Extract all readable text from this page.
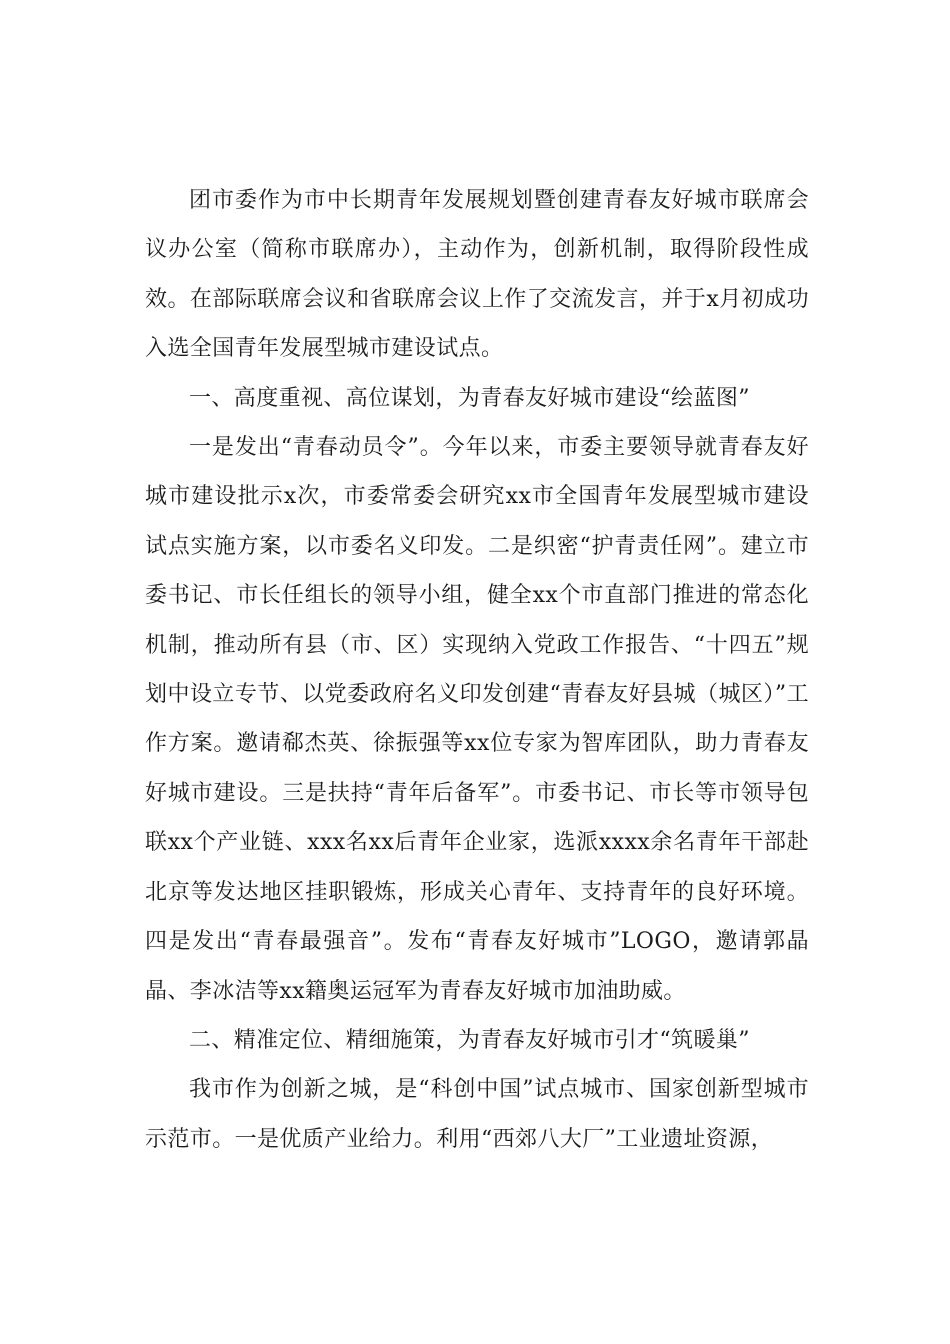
团市委作为市中长期青年发展规划暨创建青春友好城市联席会议办公室（简称市联席办），主动作为，创新机制，取得阶段性成效。在部际联席会议和省联席会议上作了交流发言，并于x月初成功入选全国青年发展型城市建设试点。

一、高度重视、高位谋划，为青春友好城市建设“绘蓝图”

一是发出“青春动员令”。今年以来，市委主要领导就青春友好城市建设批示x次，市委常委会研究xx市全国青年发展型城市建设试点实施方案，以市委名义印发。二是织密“护青责任网”。建立市委书记、市长任组长的领导小组，健全xx个市直部门推进的常态化机制，推动所有县（市、区）实现纳入党政工作报告、“十四五”规划中设立专节、以党委政府名义印发创建“青春友好县城（城区）”工作方案。邀请郗杰英、徐振强等xx位专家为智库团队，助力青春友好城市建设。三是扶持“青年后备军”。市委书记、市长等市领导包联xx个产业链、xxx名xx后青年企业家，选派xxxx余名青年干部赴北京等发达地区挂职锻炼，形成关心青年、支持青年的良好环境。四是发出“青春最强音”。发布“青春友好城市”LOGO，邀请郭晶晶、李冰洁等xx籍奥运冠军为青春友好城市加油助威。

二、精准定位、精细施策，为青春友好城市引才“筑暖巢”

我市作为创新之城，是“科创中国”试点城市、国家创新型城市示范市。一是优质产业给力。利用“西郊八大厂”工业遗址资源，
